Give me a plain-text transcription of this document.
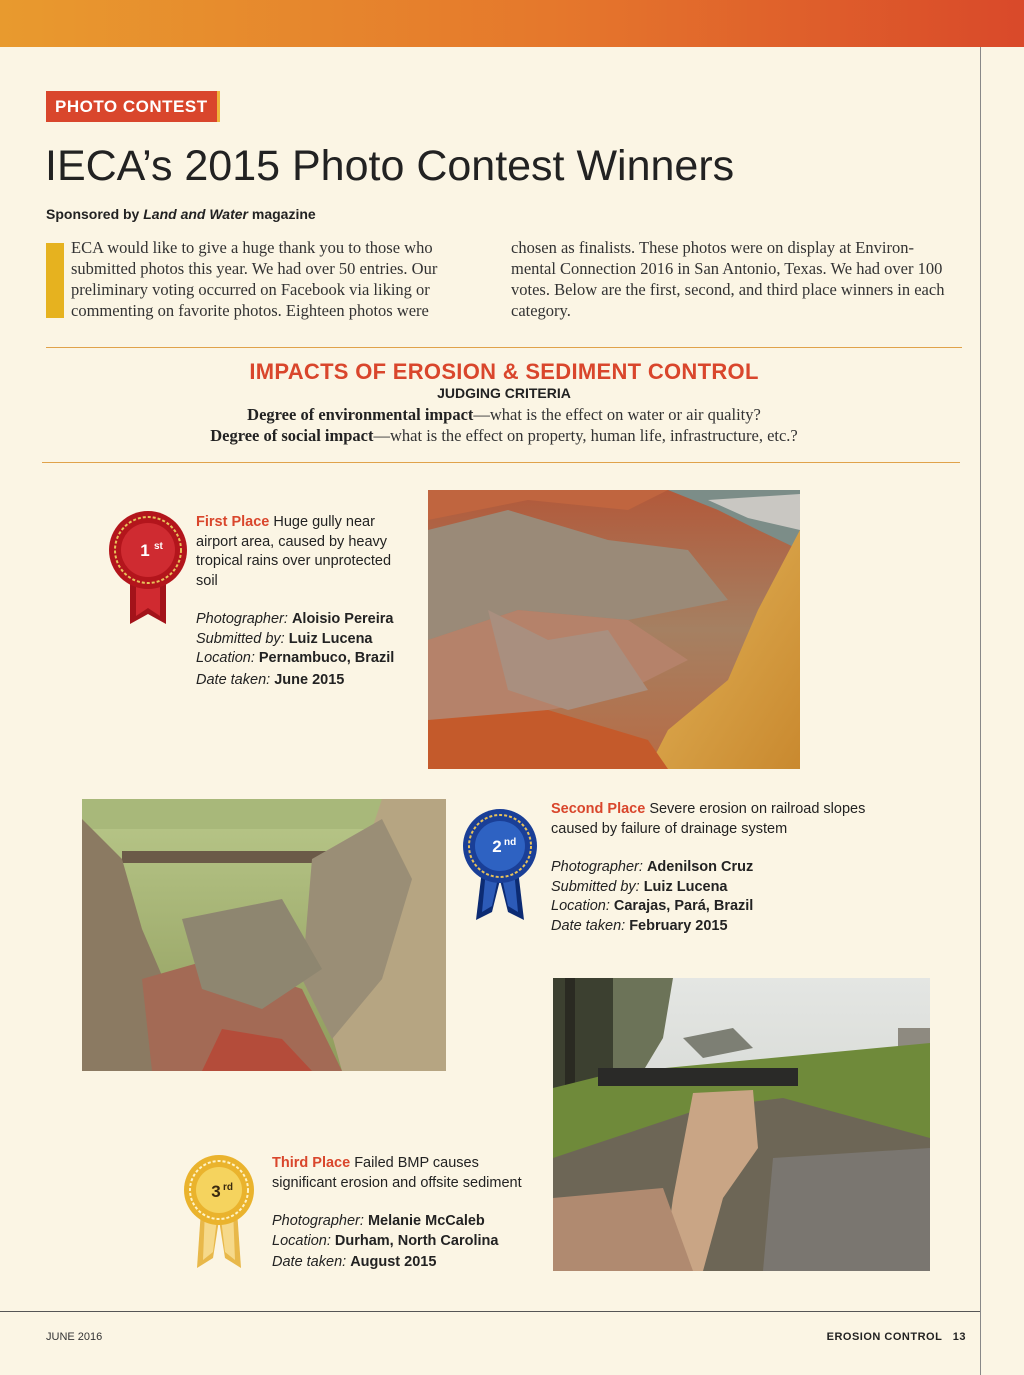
PHOTO CONTEST
IECA’s 2015 Photo Contest Winners
Sponsored by Land and Water magazine
ECA would like to give a huge thank you to those who submitted photos this year. We had over 50 entries. Our preliminary voting occurred on Facebook via liking or commenting on favorite photos. Eighteen photos were
chosen as finalists. These photos were on display at Environ-mental Connection 2016 in San Antonio, Texas. We had over 100 votes. Below are the first, second, and third place winners in each category.
IMPACTS OF EROSION & SEDIMENT CONTROL
JUDGING CRITERIA
Degree of environmental impact—what is the effect on water or air quality?
Degree of social impact—what is the effect on property, human life, infrastructure, etc.?
1 st
First Place Huge gully near airport area, caused by heavy tropical rains over unprotected soil
Photographer: Aloisio Pereira
Submitted by: Luiz Lucena
Location: Pernambuco, Brazil
Date taken: June 2015
2 nd
Second Place Severe erosion on railroad slopes caused by failure of drainage system
Photographer: Adenilson Cruz
Submitted by: Luiz Lucena
Location: Carajas, Pará, Brazil
Date taken: February 2015
3 rd
Third Place Failed BMP causes significant erosion and offsite sediment
Photographer: Melanie McCaleb
Location: Durham, North Carolina
Date taken: August 2015
JUNE 2016	EROSION CONTROL   13
